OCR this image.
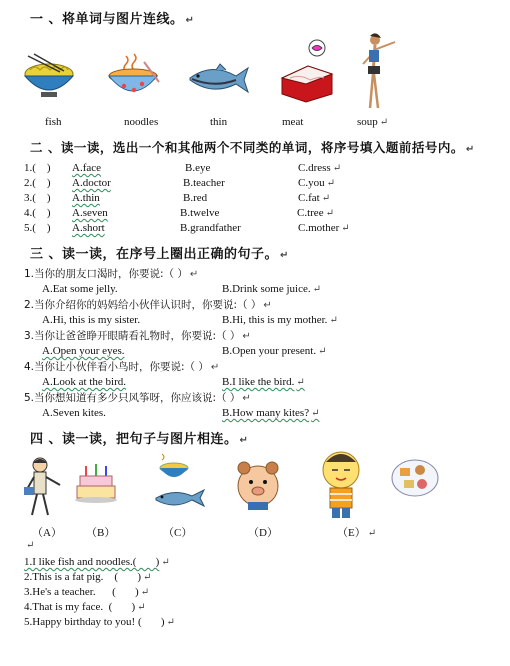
一 、将单词与图片连线。 ↵
fish	noodles	thin	meat	soup ↵
二 、读一读，选出一个和其他两个不同类的单词，将序号填入题前括号内。 ↵
1.(    ) A.face	B.eye	C.dress ↵
2.(    ) A.doctor	B.teacher	C.you ↵
3.(    ) A.thin	B.red	C.fat ↵
4.(    ) A.seven	B.twelve	C.tree ↵
5.(    ) A.short	B.grandfather	C.mother ↵
三 、读一读，在序号上圈出正确的句子。 ↵
1.当你的朋友口渴时，你要说:（ ） ↵
A.Eat some jelly.	B.Drink some juice. ↵
2.当你介绍你的妈妈给小伙伴认识时，你要说:（ ） ↵
A.Hi, this is my sister.	B.Hi, this is my mother. ↵
3.当你让爸爸睁开眼睛看礼物时，你要说:（ ） ↵
A.Open your eyes.	B.Open your present. ↵
4.当你让小伙伴看小鸟时，你要说:（ ） ↵
A.Look at the bird.	B.I like the bird. ↵
5.当你想知道有多少只风筝呀，你应该说:（ ） ↵
A.Seven kites.	B.How many kites? ↵
四 、读一读，把句子与图片相连。 ↵
（A） （B）	（C）	（D）	（E） ↵
↵
1.I like fish and noodles.(       ) ↵
2.This is a fat pig.    (       ) ↵
3.He's a teacher.      (       ) ↵
4.That is my face.  (       ) ↵
5.Happy birthday to you! (       ) ↵
